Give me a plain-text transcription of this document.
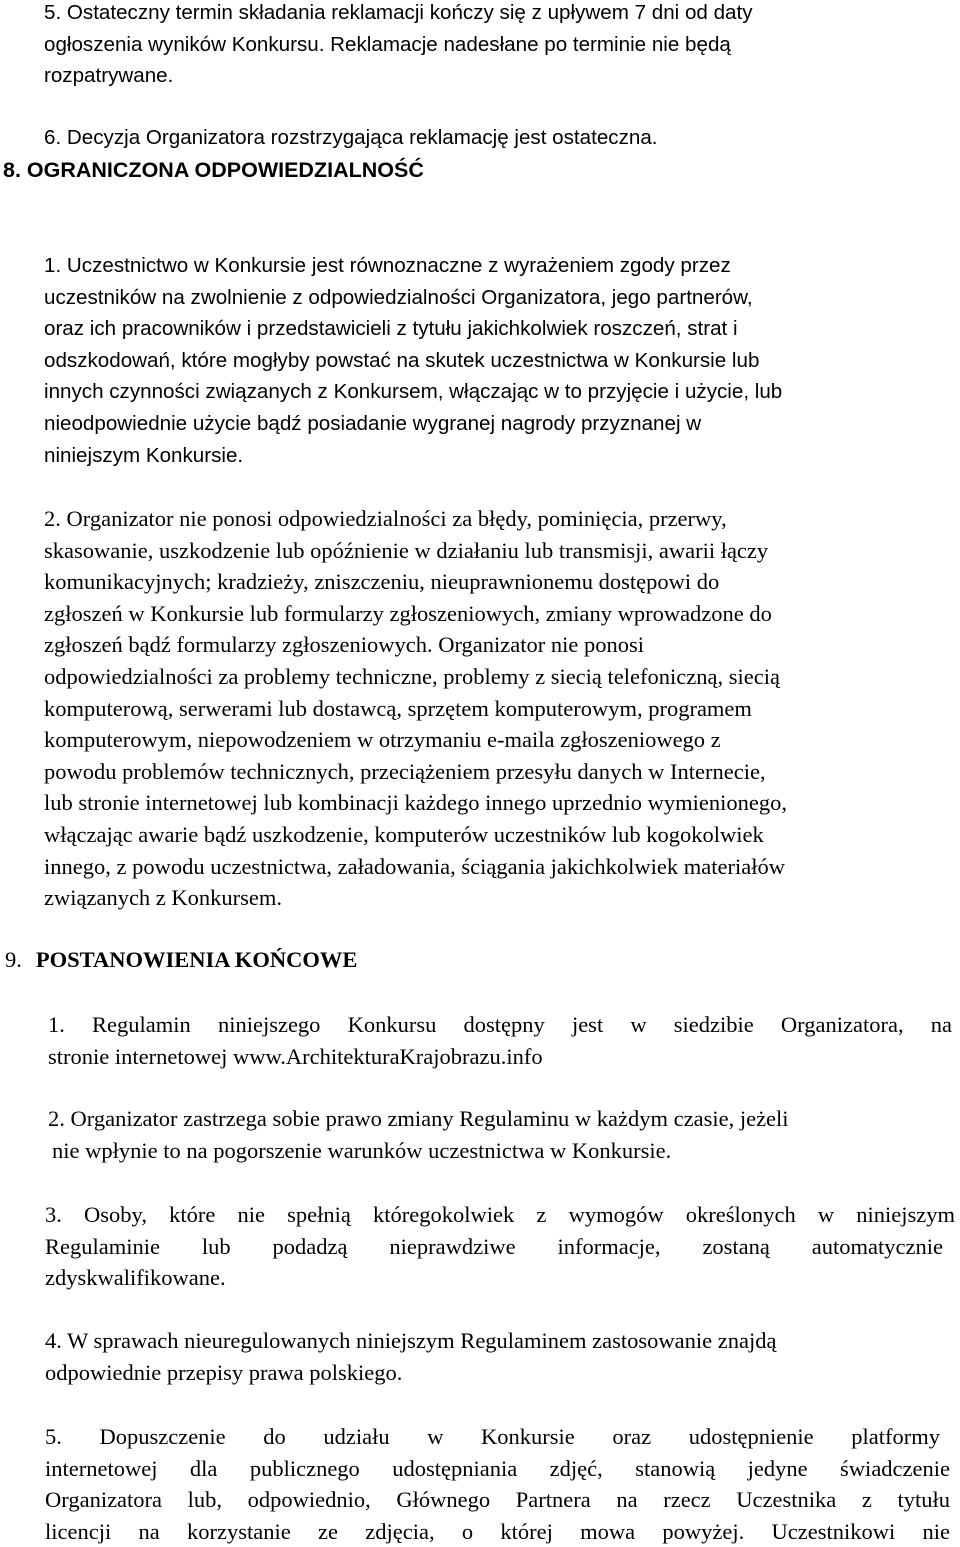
5. Ostateczny termin składania reklamacji kończy się z upływem 7 dni od daty
ogłoszenia wyników Konkursu. Reklamacje nadesłane po terminie nie będą
rozpatrywane.
6. Decyzja Organizatora rozstrzygająca reklamację jest ostateczna.
8. OGRANICZONA ODPOWIEDZIALNOŚĆ
1. Uczestnictwo w Konkursie jest równoznaczne z wyrażeniem zgody przez
uczestników na zwolnienie z odpowiedzialności Organizatora, jego partnerów,
oraz ich pracowników i przedstawicieli z tytułu jakichkolwiek roszczeń, strat i
odszkodowań, które mogłyby powstać na skutek uczestnictwa w Konkursie lub
innych czynności związanych z Konkursem, włączając w to przyjęcie i użycie, lub
nieodpowiednie użycie bądź posiadanie wygranej nagrody przyznanej w
niniejszym Konkursie.
2. Organizator nie ponosi odpowiedzialności za błędy, pominięcia, przerwy,
skasowanie, uszkodzenie lub opóźnienie w działaniu lub transmisji, awarii łączy
komunikacyjnych; kradzieży, zniszczeniu, nieuprawnionemu dostępowi do
zgłoszeń w Konkursie lub formularzy zgłoszeniowych, zmiany wprowadzone do
zgłoszeń bądź formularzy zgłoszeniowych. Organizator nie ponosi
odpowiedzialności za problemy techniczne, problemy z siecią telefoniczną, siecią
komputerową, serwerami lub dostawcą, sprzętem komputerowym, programem
komputerowym, niepowodzeniem w otrzymaniu e-maila zgłoszeniowego z
powodu problemów technicznych, przeciążeniem przesyłu danych w Internecie,
lub stronie internetowej lub kombinacji każdego innego uprzednio wymienionego,
włączając awarie bądź uszkodzenie, komputerów uczestników lub kogokolwiek
innego, z powodu uczestnictwa, załadowania, ściągania jakichkolwiek materiałów
związanych z Konkursem.
9. POSTANOWIENIA KOŃCOWE
1. Regulamin niniejszego Konkursu dostępny jest w siedzibie Organizatora, na
stronie internetowej www.ArchitekturaKrajobrazu.info
2. Organizator zastrzega sobie prawo zmiany Regulaminu w każdym czasie, jeżeli
nie wpłynie to na pogorszenie warunków uczestnictwa w Konkursie.
3. Osoby, które nie spełnią któregokolwiek z wymogów określonych w niniejszym
Regulaminie lub podadzą nieprawdziwe informacje, zostaną automatycznie
zdyskwalifikowane.
4. W sprawach nieuregulowanych niniejszym Regulaminem zastosowanie znajdą
odpowiednie przepisy prawa polskiego.
5. Dopuszczenie do udziału w Konkursie oraz udostępnienie platformy
internetowej dla publicznego udostępniania zdjęć, stanowią jedyne świadczenie
Organizatora lub, odpowiednio, Głównego Partnera na rzecz Uczestnika z tytułu
licencji na korzystanie ze zdjęcia, o której mowa powyżej. Uczestnikowi nie
